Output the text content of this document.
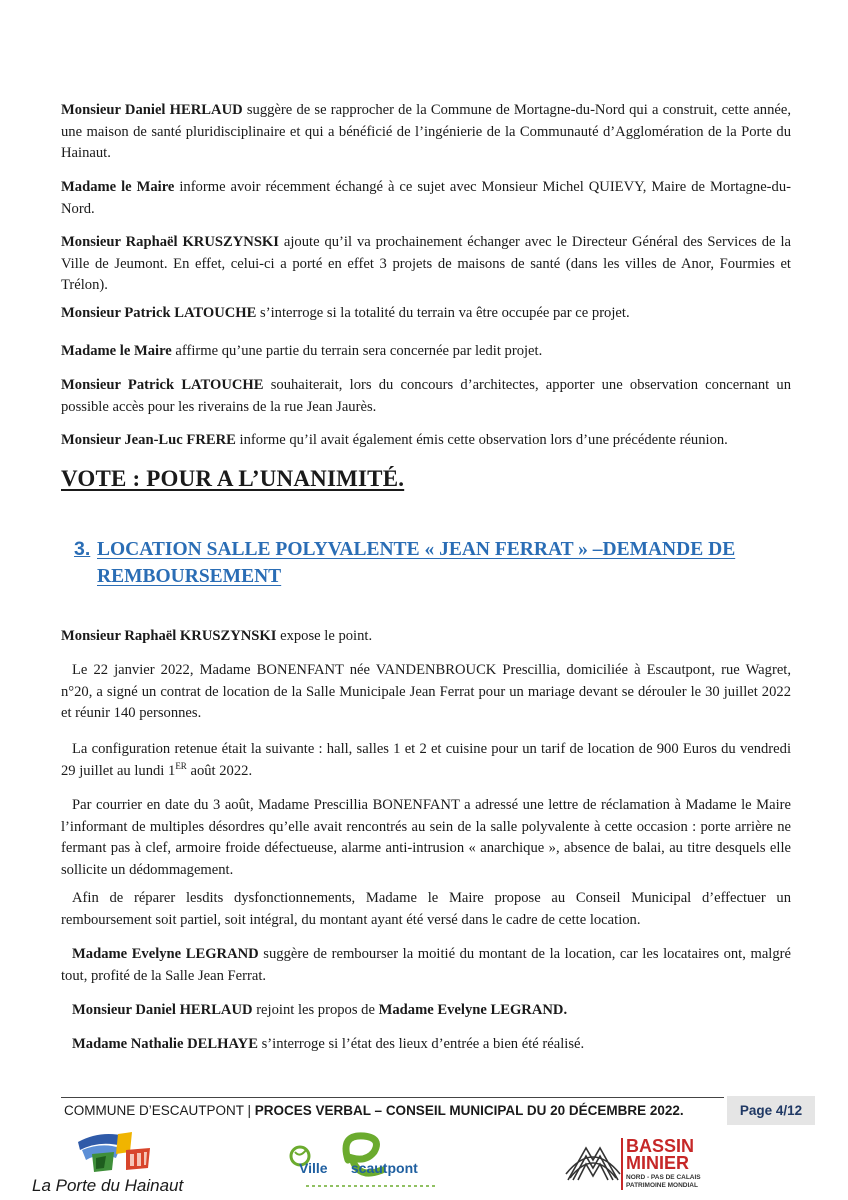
Monsieur Daniel HERLAUD suggère de se rapprocher de la Commune de Mortagne-du-Nord qui a construit, cette année, une maison de santé pluridisciplinaire et qui a bénéficié de l’ingénierie de la Communauté d’Agglomération de la Porte du Hainaut.

Madame le Maire informe avoir récemment échangé à ce sujet avec Monsieur Michel QUIEVY, Maire de Mortagne-du-Nord.

Monsieur Raphaël KRUSZYNSKI ajoute qu’il va prochainement échanger avec le Directeur Général des Services de la Ville de Jeumont. En effet, celui-ci a porté en effet 3 projets de maisons de santé (dans les villes de Anor, Fourmies et Trélon).

Monsieur Patrick LATOUCHE s’interroge si la totalité du terrain va être occupée par ce projet.

Madame le Maire affirme qu’une partie du terrain sera concernée par ledit projet.

Monsieur Patrick LATOUCHE souhaiterait, lors du concours d’architectes, apporter une observation concernant un possible accès pour les riverains de la rue Jean Jaurès.

Monsieur Jean-Luc FRERE informe qu’il avait également émis cette observation lors d’une précédente réunion.

VOTE : POUR A L’UNANIMITÉ.

3. LOCATION SALLE POLYVALENTE « JEAN FERRAT » –DEMANDE DE REMBOURSEMENT

Monsieur Raphaël KRUSZYNSKI expose le point.

Le 22 janvier 2022, Madame BONENFANT née VANDENBROUCK Prescillia, domiciliée à Escautpont, rue Wagret, n°20, a signé un contrat de location de la Salle Municipale Jean Ferrat pour un mariage devant se dérouler le 30 juillet 2022 et réunir 140 personnes.

La configuration retenue était la suivante : hall, salles 1 et 2 et cuisine pour un tarif de location de 900 Euros du vendredi 29 juillet au lundi 1ER août 2022.

Par courrier en date du 3 août, Madame Prescillia BONENFANT a adressé une lettre de réclamation à Madame le Maire l’informant de multiples désordres qu’elle avait rencontrés au sein de la salle polyvalente à cette occasion : porte arrière ne fermant pas à clef, armoire froide défectueuse, alarme anti-intrusion « anarchique », absence de balai, au titre desquels elle sollicite un dédommagement.

Afin de réparer lesdits dysfonctionnements, Madame le Maire propose au Conseil Municipal d’effectuer un remboursement soit partiel, soit intégral, du montant ayant été versé dans le cadre de cette location.

Madame Evelyne LEGRAND suggère de rembourser la moitié du montant de la location, car les locataires ont, malgré tout, profité de la Salle Jean Ferrat.

Monsieur Daniel HERLAUD rejoint les propos de Madame Evelyne LEGRAND.

Madame Nathalie DELHAYE s’interroge si l’état des lieux d’entrée a bien été réalisé.

COMMUNE D’ESCAUTPONT | PROCES VERBAL – CONSEIL MUNICIPAL DU 20 DÉCEMBRE 2022.	Page 4/12
La Porte du Hainaut
Ville scautpont
BASSIN
MINIER
NORD - PAS DE CALAIS
PATRIMOINE MONDIAL
